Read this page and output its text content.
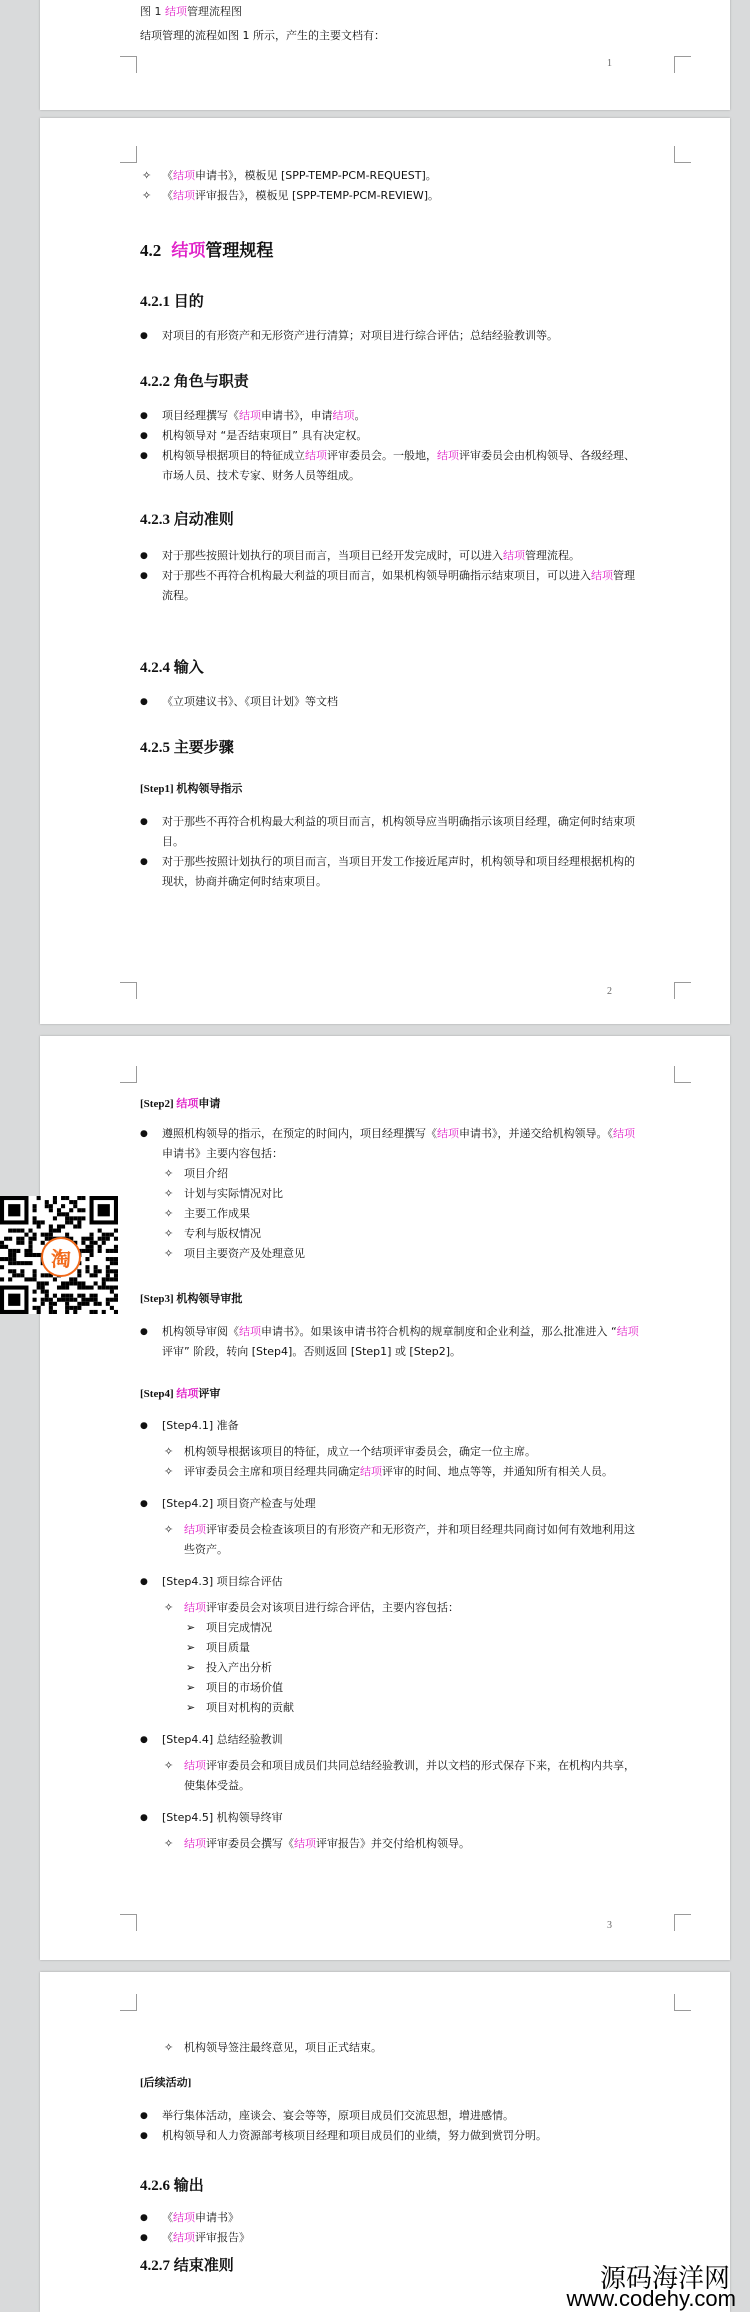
图 1 结项管理流程图

结项管理的流程如图 1 所示，产生的主要文档有：

1
✧ 《结项申请书》，模板见 [SPP-TEMP-PCM-REQUEST]。
✧ 《结项评审报告》，模板见 [SPP-TEMP-PCM-REVIEW]。
4.2 结项管理规程
4.2.1 目的
● 对项目的有形资产和无形资产进行清算；对项目进行综合评估；总结经验教训等。
4.2.2 角色与职责
● 项目经理撰写《结项申请书》，申请结项。
● 机构领导对 “是否结束项目” 具有决定权。
● 机构领导根据项目的特征成立结项评审委员会。一般地，结项评审委员会由机构领导、各级经理、市场人员、技术专家、财务人员等组成。
4.2.3 启动准则
● 对于那些按照计划执行的项目而言，当项目已经开发完成时，可以进入结项管理流程。
● 对于那些不再符合机构最大利益的项目而言，如果机构领导明确指示结束项目，可以进入结项管理流程。
4.2.4 输入
● 《立项建议书》、《项目计划》等文档
4.2.5 主要步骤
[Step1] 机构领导指示
● 对于那些不再符合机构最大利益的项目而言，机构领导应当明确指示该项目经理，确定何时结束项目。
● 对于那些按照计划执行的项目而言，当项目开发工作接近尾声时，机构领导和项目经理根据机构的现状，协商并确定何时结束项目。
2
[Step2] 结项申请
● 遵照机构领导的指示，在预定的时间内，项目经理撰写《结项申请书》，并递交给机构领导。《结项申请书》主要内容包括：
✧ 项目介绍
✧ 计划与实际情况对比
✧ 主要工作成果
✧ 专利与版权情况
✧ 项目主要资产及处理意见
[Step3] 机构领导审批
● 机构领导审阅《结项申请书》。如果该申请书符合机构的规章制度和企业利益，那么批准进入 “结项评审” 阶段，转向 [Step4]。否则返回 [Step1] 或 [Step2]。
[Step4] 结项评审
● [Step4.1] 准备
✧ 机构领导根据该项目的特征，成立一个结项评审委员会，确定一位主席。
✧ 评审委员会主席和项目经理共同确定结项评审的时间、地点等等，并通知所有相关人员。
● [Step4.2] 项目资产检查与处理
✧ 结项评审委员会检查该项目的有形资产和无形资产，并和项目经理共同商讨如何有效地利用这些资产。
● [Step4.3] 项目综合评估
✧ 结项评审委员会对该项目进行综合评估，主要内容包括：
➢ 项目完成情况
➢ 项目质量
➢ 投入产出分析
➢ 项目的市场价值
➢ 项目对机构的贡献
● [Step4.4] 总结经验教训
✧ 结项评审委员会和项目成员们共同总结经验教训，并以文档的形式保存下来，在机构内共享，使集体受益。
● [Step4.5] 机构领导终审
✧ 结项评审委员会撰写《结项评审报告》并交付给机构领导。
3
✧ 机构领导签注最终意见，项目正式结束。
[后续活动]
● 举行集体活动，座谈会、宴会等等，原项目成员们交流思想，增进感情。
● 机构领导和人力资源部考核项目经理和项目成员们的业绩，努力做到赏罚分明。
4.2.6 输出
● 《结项申请书》
● 《结项评审报告》
4.2.7 结束准则
淘
源码海洋网
www.codehy.com
